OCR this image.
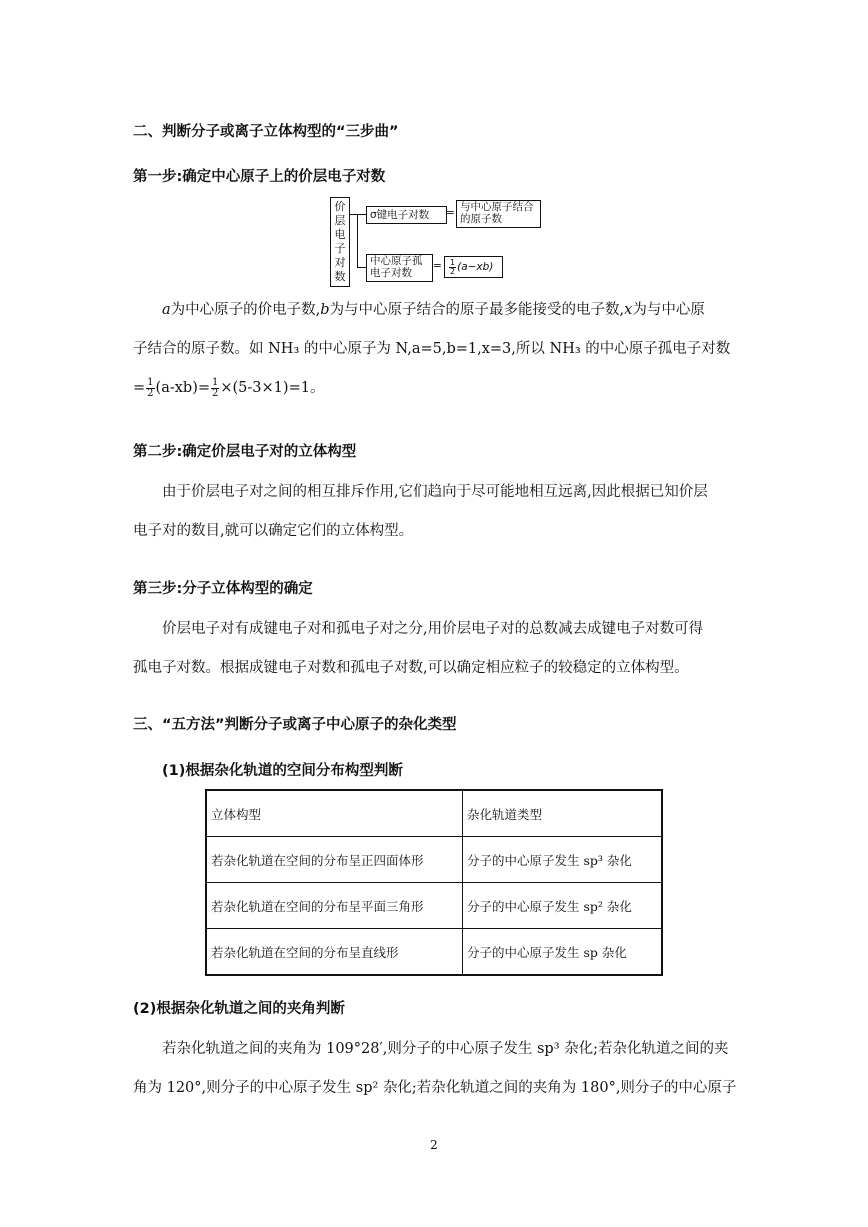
二、判断分子或离子立体构型的“三步曲”
第一步:确定中心原子上的价层电子对数
价层电子对数
σ键电子对数	= 与中心原子结合的原子数
中心原子孤电子对数
= $\frac{1}{2} (a-xb)$
a为中心原子的价电子数,b为与中心原子结合的原子最多能接受的电子数,x为与中心原
子结合的原子数。如 NH₃ 的中心原子为 N,a=5,b=1,x=3,所以 NH₃ 的中心原子孤电子对数
= $\frac{1}{2} (a-xb)= \frac{1}{2} \times(5-3\times 1)=1$。
第二步:确定价层电子对的立体构型
由于价层电子对之间的相互排斥作用,它们趋向于尽可能地相互远离,因此根据已知价层
电子对的数目,就可以确定它们的立体构型。
第三步:分子立体构型的确定
价层电子对有成键电子对和孤电子对之分,用价层电子对的总数减去成键电子对数可得
孤电子对数。根据成键电子对数和孤电子对数,可以确定相应粒子的较稳定的立体构型。
三、“五方法”判断分子或离子中心原子的杂化类型
(1)根据杂化轨道的空间分布构型判断
立体构型	杂化轨道类型
若杂化轨道在空间的分布呈正四面体形	分子的中心原子发生 sp³ 杂化
若杂化轨道在空间的分布呈平面三角形	分子的中心原子发生 sp² 杂化
若杂化轨道在空间的分布呈直线形	分子的中心原子发生 sp 杂化
(2)根据杂化轨道之间的夹角判断
若杂化轨道之间的夹角为 109°28′,则分子的中心原子发生 sp³ 杂化;若杂化轨道之间的夹
角为 120°,则分子的中心原子发生 sp² 杂化;若杂化轨道之间的夹角为 180°,则分子的中心原子
2
